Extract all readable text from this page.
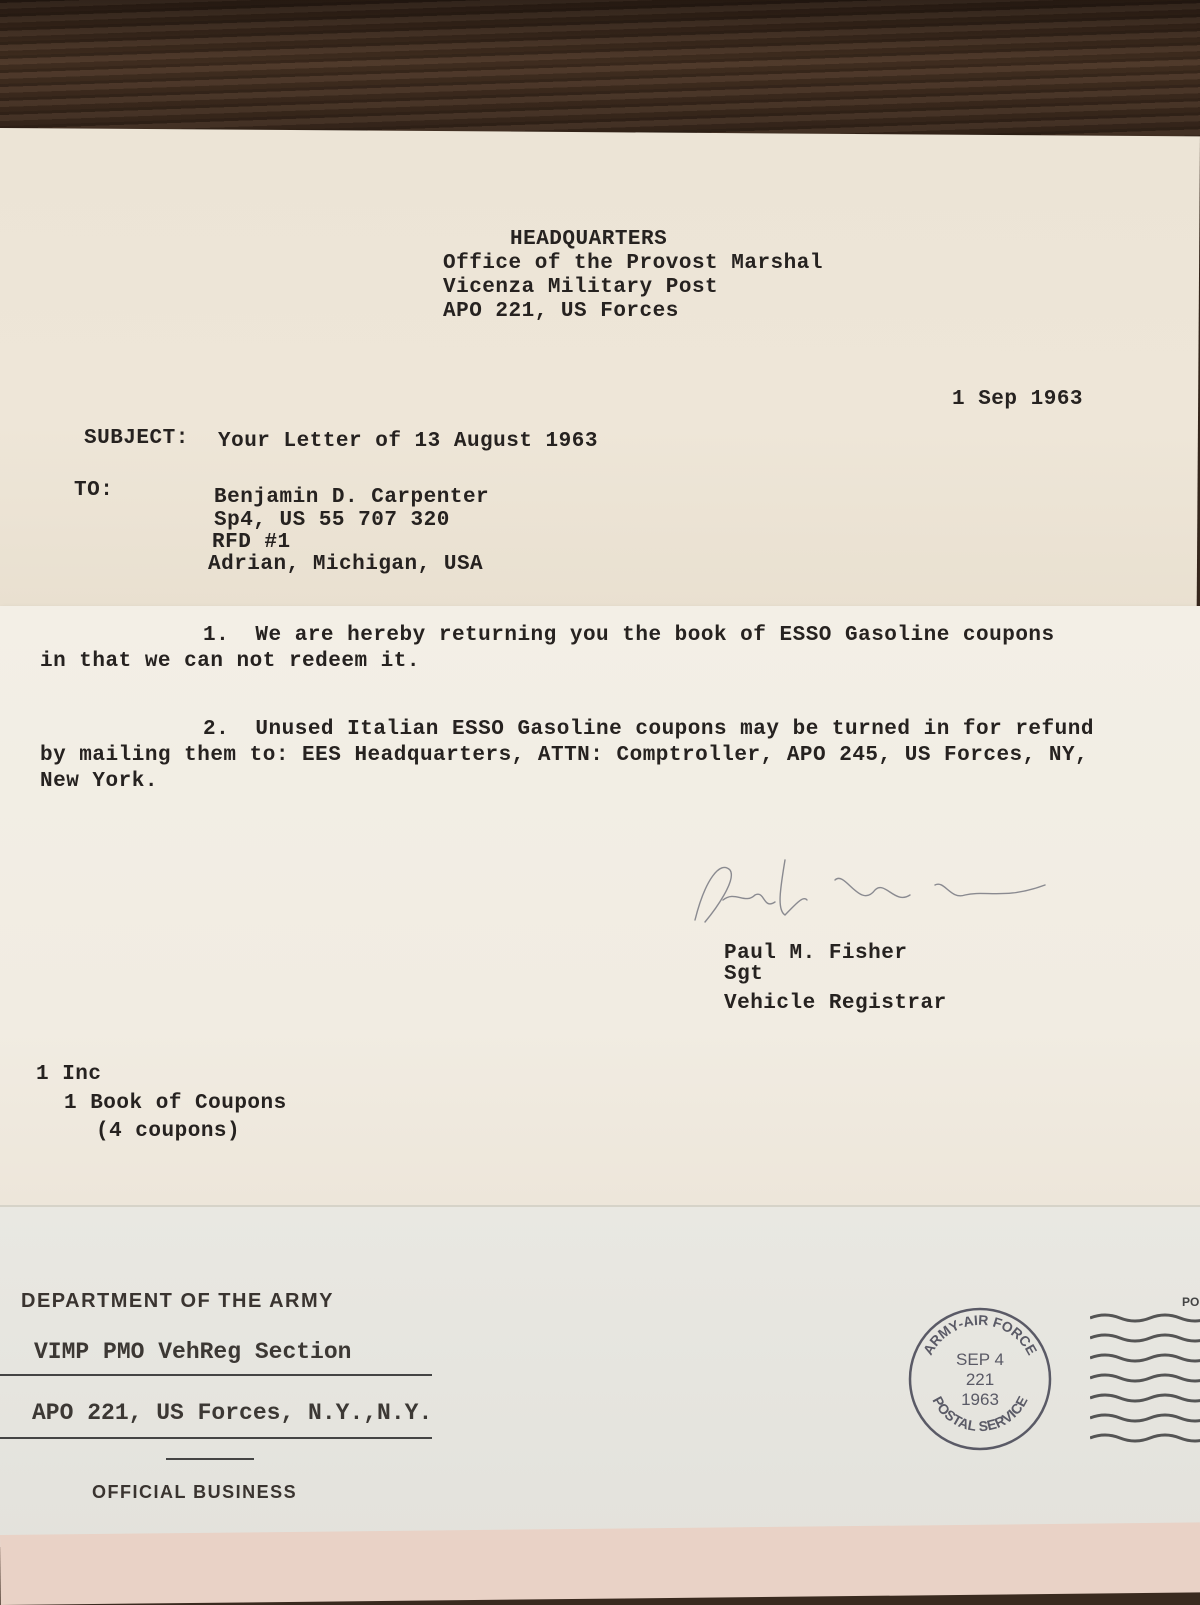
HEADQUARTERS
Office of the Provost Marshal
Vicenza Military Post
APO 221, US Forces
1 Sep 1963
SUBJECT: Your Letter of 13 August 1963
TO:	Benjamin D. Carpenter
Sp4, US 55 707 320
RFD #1
Adrian, Michigan, USA
1.  We are hereby returning you the book of ESSO Gasoline coupons
in that we can not redeem it.
2.  Unused Italian ESSO Gasoline coupons may be turned in for refund
by mailing them to: EES Headquarters, ATTN: Comptroller, APO 245, US Forces, NY,
New York.
Paul M. Fisher
Sgt
Vehicle Registrar
1 Inc
1 Book of Coupons
(4 coupons)
DEPARTMENT OF THE ARMY
VIMP PMO VehReg Section
APO 221, US Forces, N.Y.,N.Y.
OFFICIAL BUSINESS
PO
ARMY-AIR FORCE
POSTAL SERVICE
SEP 4
221
1963
